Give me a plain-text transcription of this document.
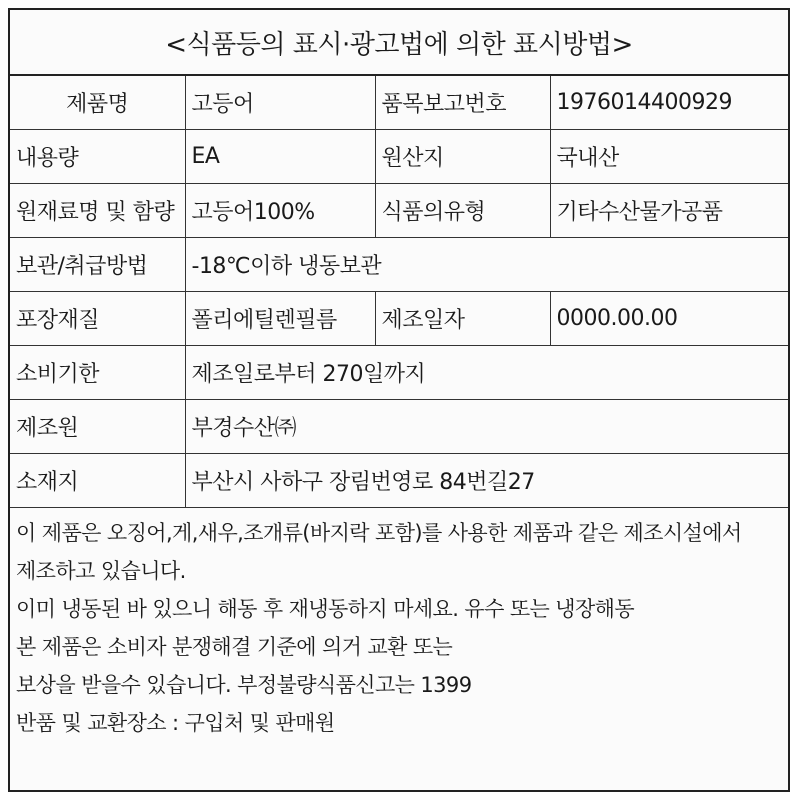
<식품등의 표시·광고법에 의한 표시방법>
제품명	고등어	품목보고번호	1976014400929
내용량	EA	원산지	국내산
원재료명 및 함량	고등어100%	식품의유형	기타수산물가공품
보관/취급방법	-18℃이하 냉동보관		
포장재질	폴리에틸렌필름	제조일자	0000.00.00
소비기한	제조일로부터 270일까지		
제조원	부경수산㈜		
소재지	부산시 사하구 장림번영로 84번길27		

이 제품은 오징어,게,새우,조개류(바지락 포함)를 사용한 제품과 같은 제조시설에서

제조하고 있습니다.

이미 냉동된 바 있으니 해동 후 재냉동하지 마세요. 유수 또는 냉장해동

본 제품은 소비자 분쟁해결 기준에 의거 교환 또는

보상을 받을수 있습니다. 부정불량식품신고는 1399

반품 및 교환장소 : 구입처 및 판매원
